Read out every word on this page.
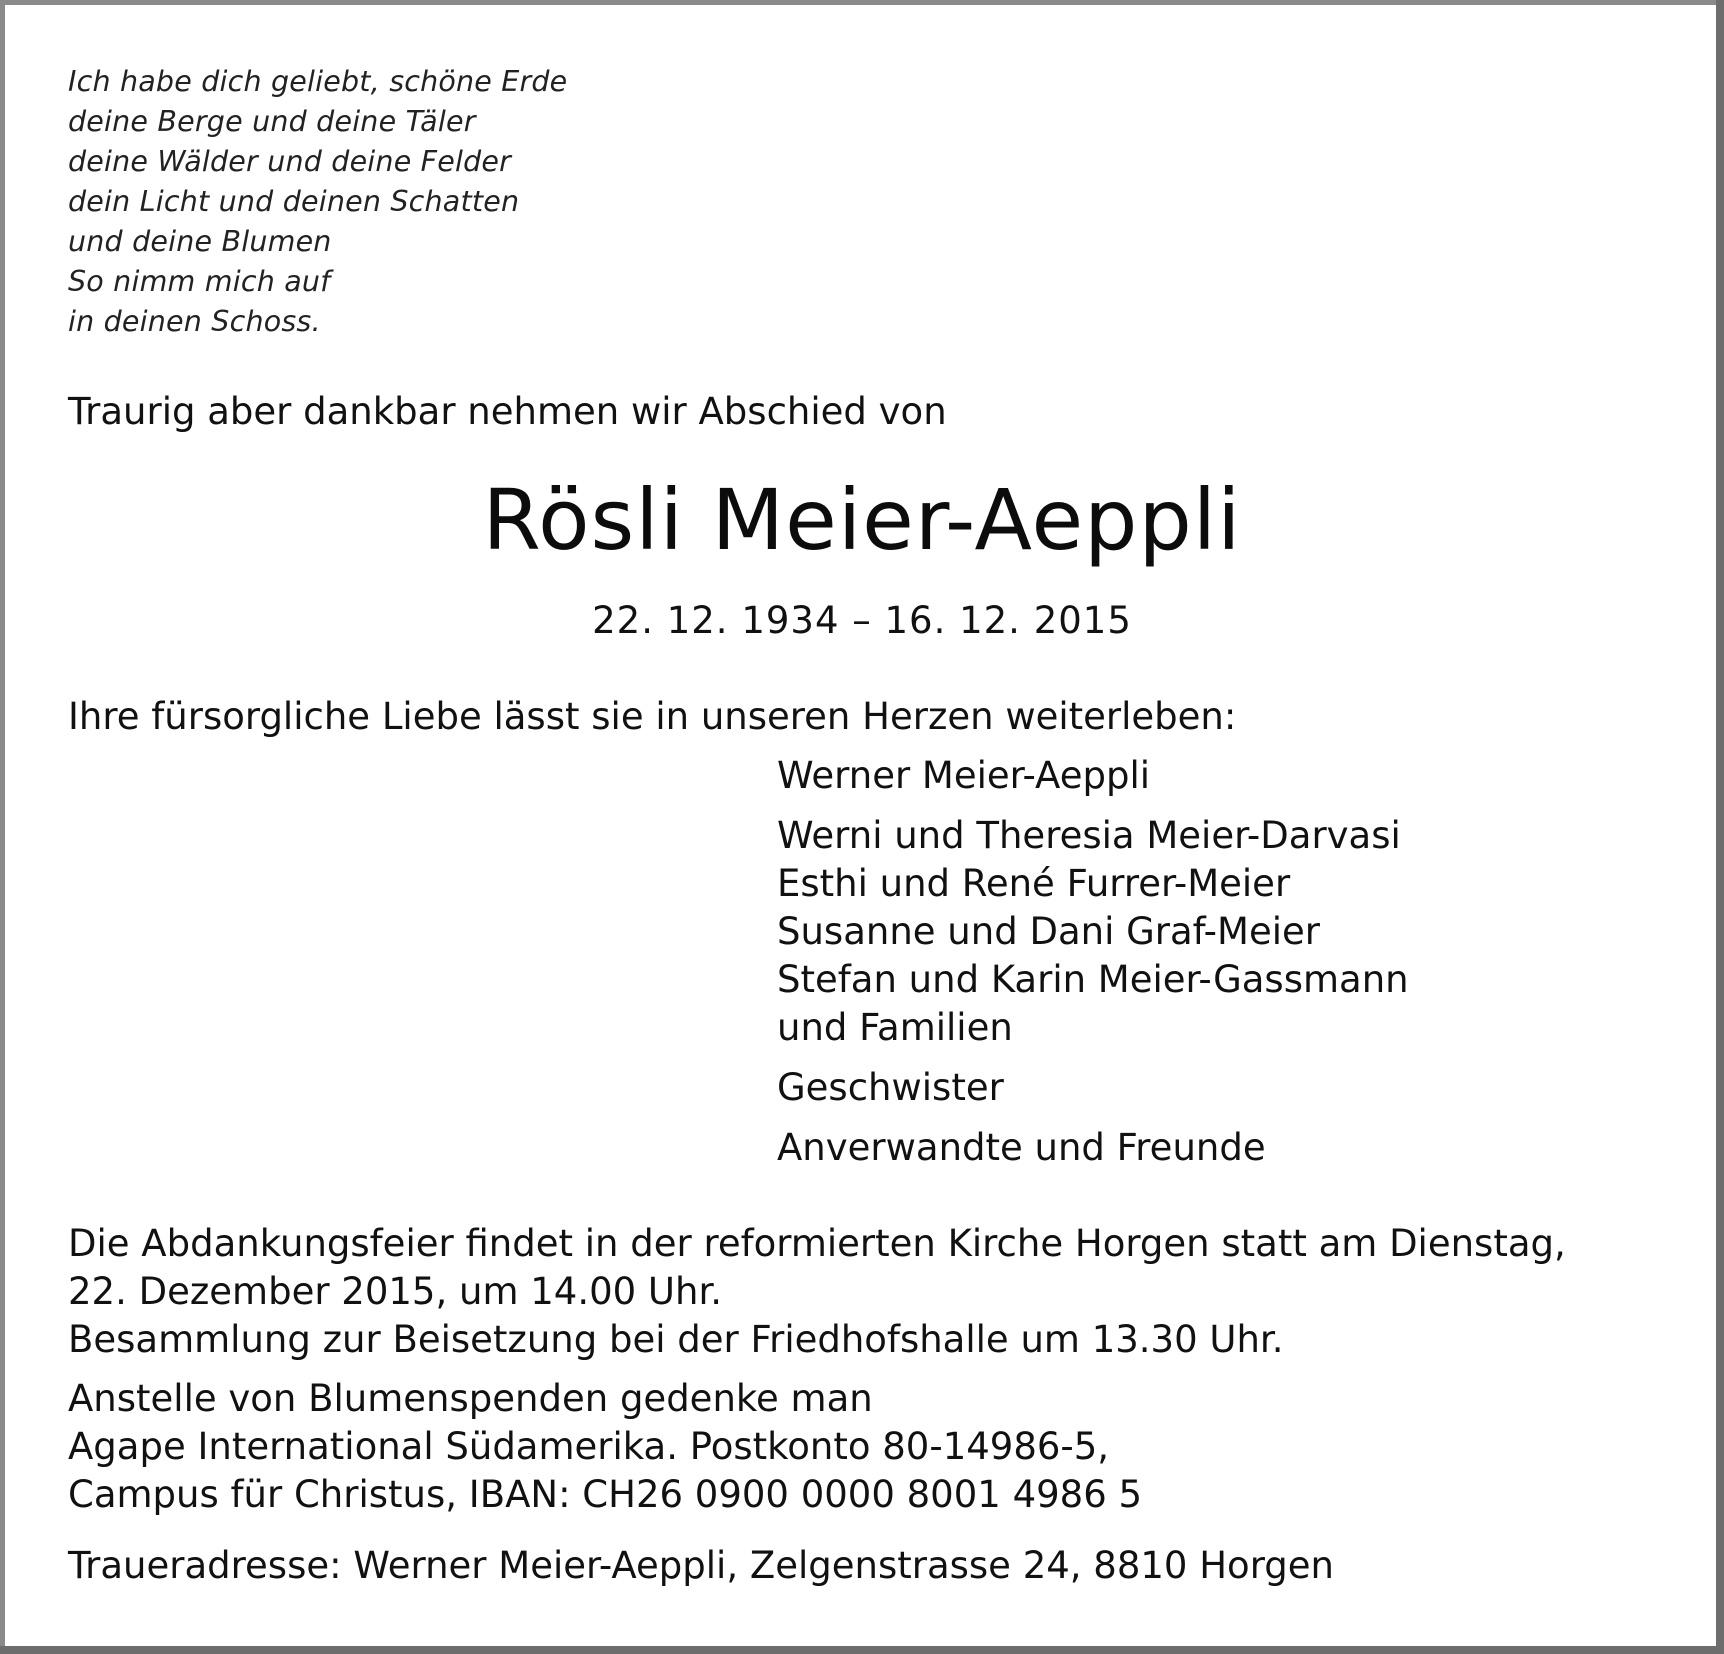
Ich habe dich geliebt, schöne Erde
deine Berge und deine Täler
deine Wälder und deine Felder
dein Licht und deinen Schatten
und deine Blumen
So nimm mich auf
in deinen Schoss.
Traurig aber dankbar nehmen wir Abschied von
Rösli Meier-Aeppli
22. 12. 1934 – 16. 12. 2015
Ihre fürsorgliche Liebe lässt sie in unseren Herzen weiterleben:
Werner Meier-Aeppli
Werni und Theresia Meier-Darvasi
Esthi und René Furrer-Meier
Susanne und Dani Graf-Meier
Stefan und Karin Meier-Gassmann
und Familien
Geschwister
Anverwandte und Freunde
Die Abdankungsfeier findet in der reformierten Kirche Horgen statt am Dienstag,
22. Dezember 2015, um 14.00 Uhr.
Besammlung zur Beisetzung bei der Friedhofshalle um 13.30 Uhr.
Anstelle von Blumenspenden gedenke man
Agape International Südamerika. Postkonto 80-14986-5,
Campus für Christus, IBAN: CH26 0900 0000 8001 4986 5
Traueradresse: Werner Meier-Aeppli, Zelgenstrasse 24, 8810 Horgen
